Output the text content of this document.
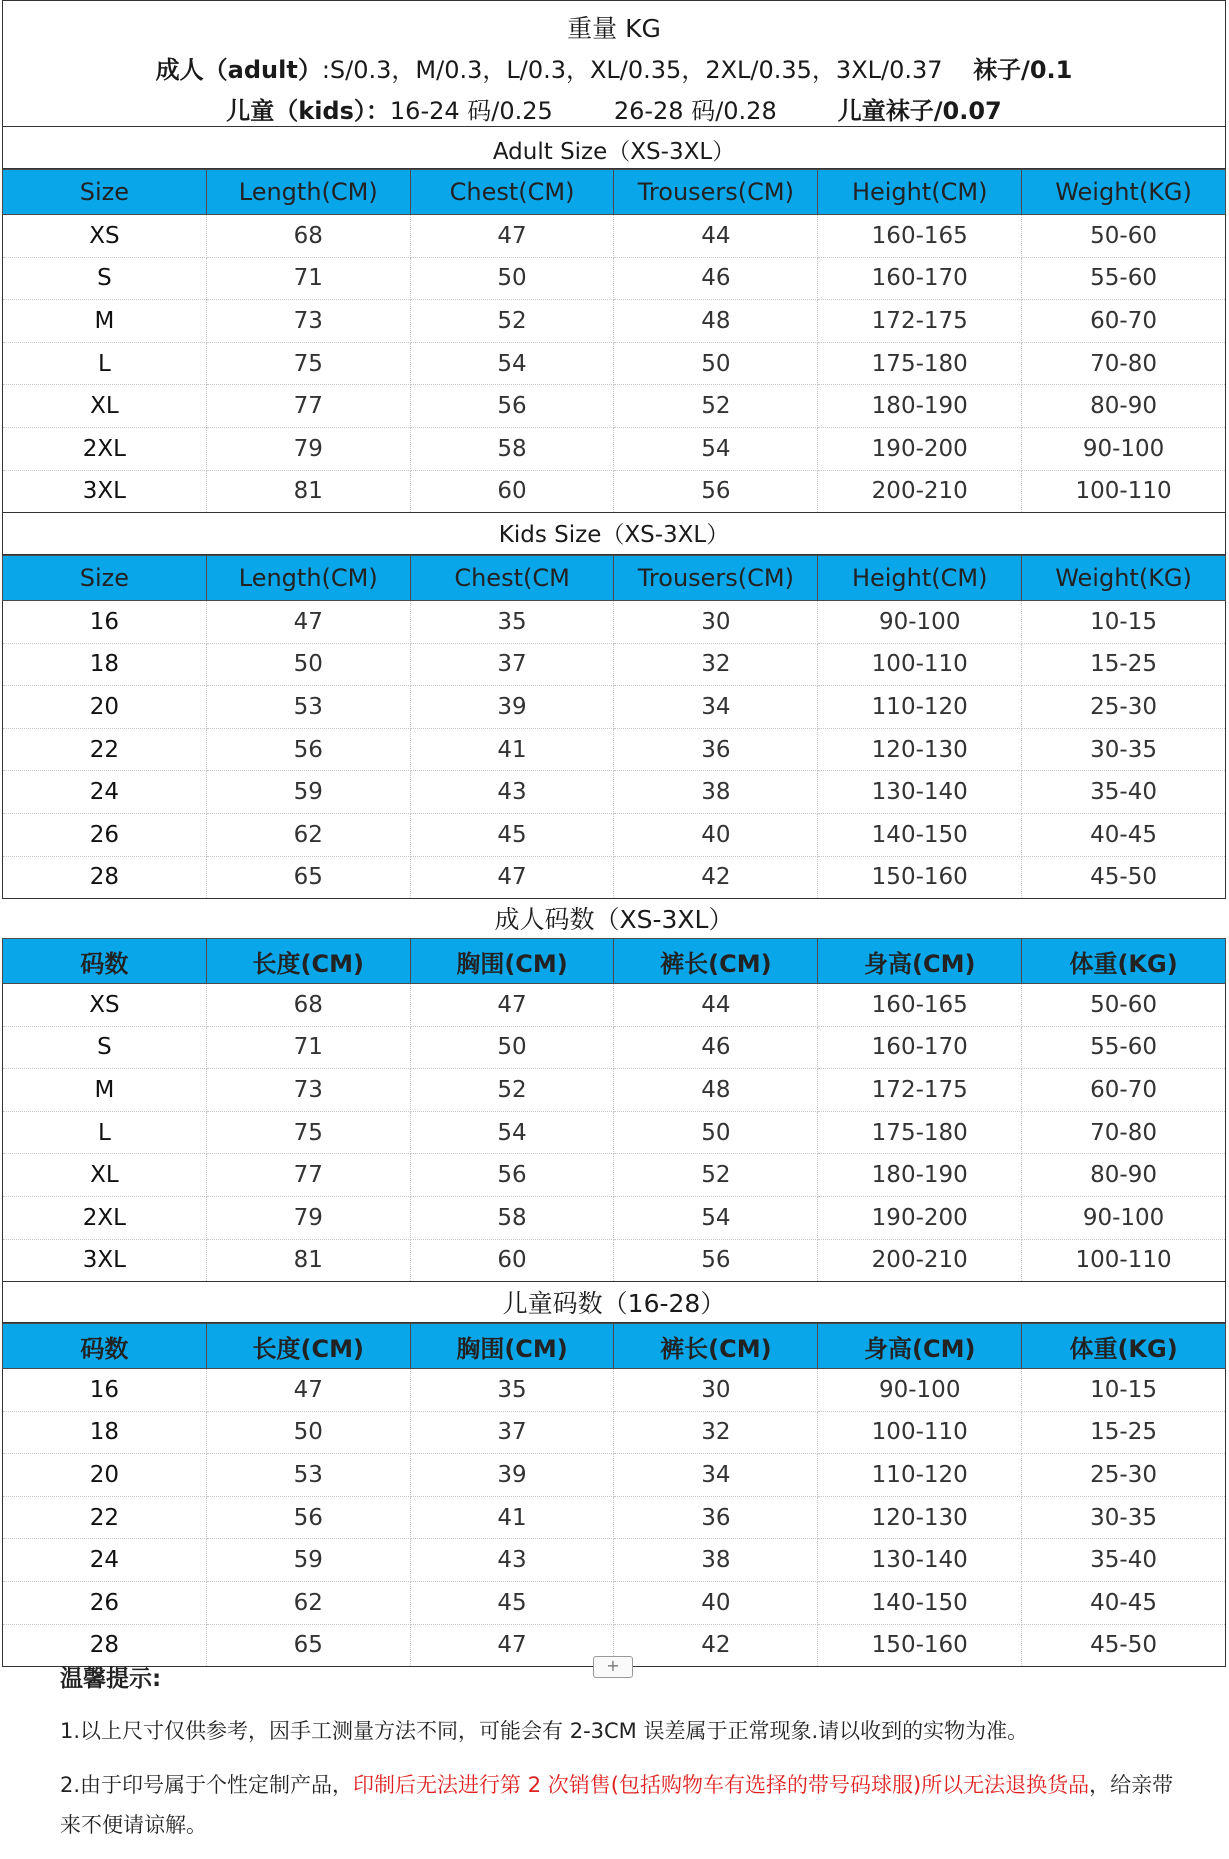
重量 KG
成人（adult）:S/0.3，M/0.3，L/0.3，XL/0.35，2XL/0.35，3XL/0.37 袜子/0.1
儿童（kids）：16-24 码/0.25	26-28 码/0.28	儿童袜子/0.07
Adult Size（XS-3XL）
Size	Length(CM)	Chest(CM)	Trousers(CM)	Height(CM)	Weight(KG)
XS	68	47	44	160-165	50-60
S	71	50	46	160-170	55-60
M	73	52	48	172-175	60-70
L	75	54	50	175-180	70-80
XL	77	56	52	180-190	80-90
2XL	79	58	54	190-200	90-100
3XL	81	60	56	200-210	100-110
Kids Size（XS-3XL）
Size	Length(CM)	Chest(CM	Trousers(CM)	Height(CM)	Weight(KG)
16	47	35	30	90-100	10-15
18	50	37	32	100-110	15-25
20	53	39	34	110-120	25-30
22	56	41	36	120-130	30-35
24	59	43	38	130-140	35-40
26	62	45	40	140-150	40-45
28	65	47	42	150-160	45-50
成人码数（XS-3XL）
码数	长度(CM)	胸围(CM)	裤长(CM)	身高(CM)	体重(KG)
XS	68	47	44	160-165	50-60
S	71	50	46	160-170	55-60
M	73	52	48	172-175	60-70
L	75	54	50	175-180	70-80
XL	77	56	52	180-190	80-90
2XL	79	58	54	190-200	90-100
3XL	81	60	56	200-210	100-110
儿童码数（16-28）
码数	长度(CM)	胸围(CM)	裤长(CM)	身高(CM)	体重(KG)
16	47	35	30	90-100	10-15
18	50	37	32	100-110	15-25
20	53	39	34	110-120	25-30
22	56	41	36	120-130	30-35
24	59	43	38	130-140	35-40
26	62	45	40	140-150	40-45
28	65	47	42	150-160	45-50
+
温馨提示:

1.以上尺寸仅供参考，因手工测量方法不同，可能会有 2-3CM 误差属于正常现象.请以收到的实物为准。

2.由于印号属于个性定制产品，印制后无法进行第 2 次销售(包括购物车有选择的带号码球服)所以无法退换货品，给亲带来不便请谅解。
